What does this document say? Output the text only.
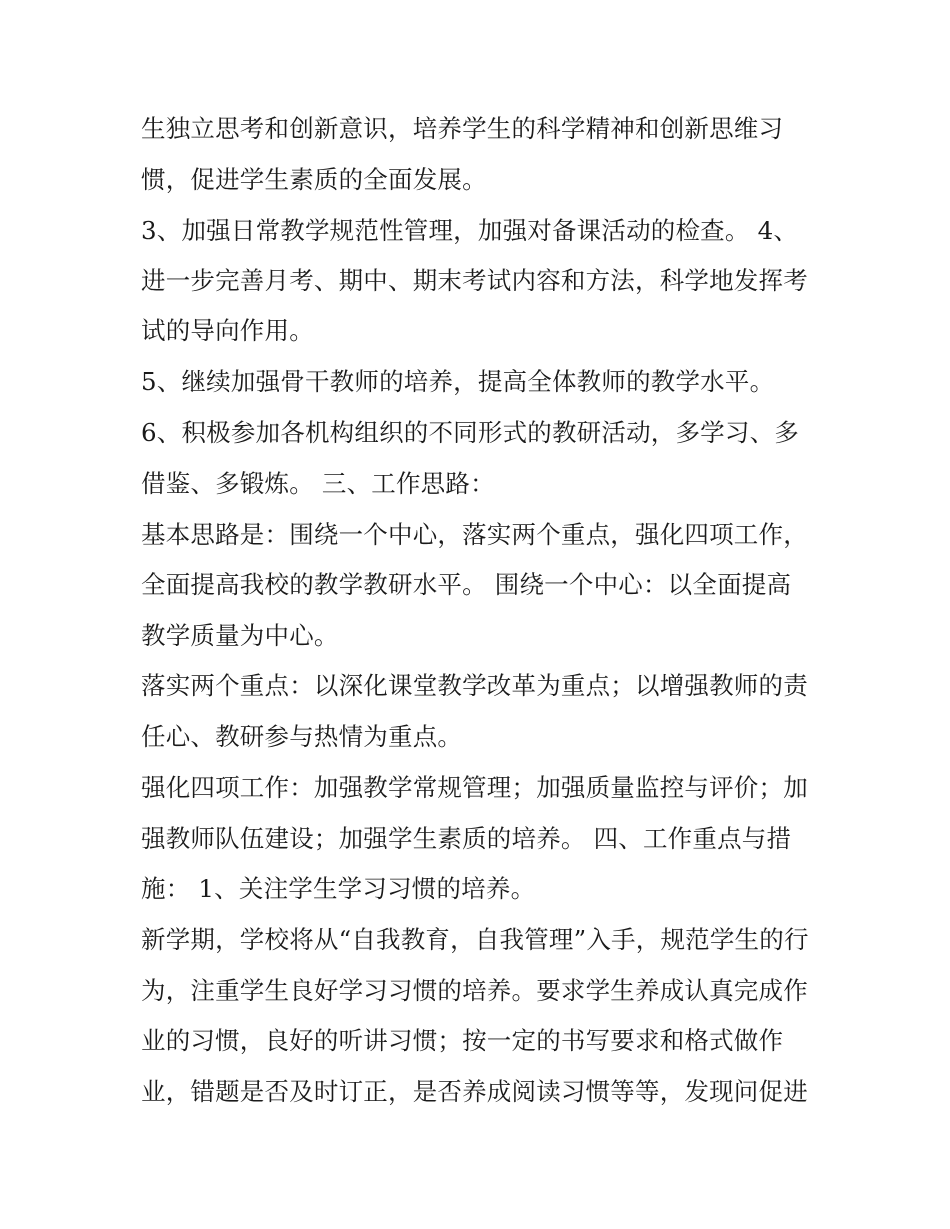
生独立思考和创新意识，培养学生的科学精神和创新思维习

惯，促进学生素质的全面发展。

3、加强日常教学规范性管理，加强对备课活动的检查。 4、

进一步完善月考、期中、期末考试内容和方法，科学地发挥考

试的导向作用。

5、继续加强骨干教师的培养，提高全体教师的教学水平。

6、积极参加各机构组织的不同形式的教研活动，多学习、多

借鉴、多锻炼。 三、工作思路：

基本思路是：围绕一个中心，落实两个重点，强化四项工作，

全面提高我校的教学教研水平。 围绕一个中心：以全面提高

教学质量为中心。

落实两个重点：以深化课堂教学改革为重点；以增强教师的责

任心、教研参与热情为重点。

强化四项工作：加强教学常规管理；加强质量监控与评价；加

强教师队伍建设；加强学生素质的培养。 四、工作重点与措

施： 1、关注学生学习习惯的培养。

新学期，学校将从“自我教育，自我管理”入手，规范学生的行

为，注重学生良好学习习惯的培养。要求学生养成认真完成作

业的习惯，良好的听讲习惯；按一定的书写要求和格式做作

业，错题是否及时订正，是否养成阅读习惯等等，发现问促进
